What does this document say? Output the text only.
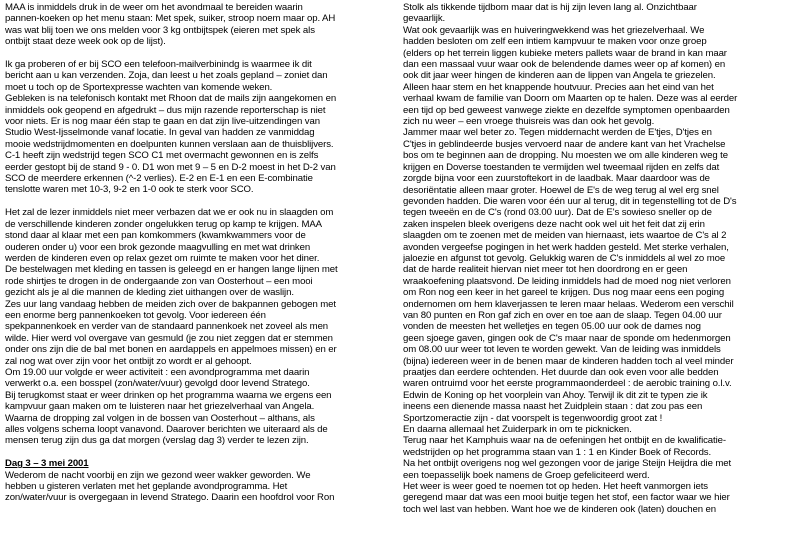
MAA is inmiddels druk in de weer om het avondmaal te bereiden waarin
pannen-koeken op het menu staan: Met spek, suiker, stroop noem maar op. AH
was wat blij toen we ons melden voor 3 kg ontbijtspek (eieren met spek als
ontbijt staat deze week ook op de lijst).
Ik ga proberen of er bij SCO een telefoon-mailverbinindg is waarmee ik dit
bericht aan u kan verzenden. Zoja, dan leest u het zoals gepland – zoniet dan
moet u toch op de Sportexpresse wachten van komende weken.
Gebleken is na telefonisch kontakt met Rhoon dat de mails zijn aangekomen en
inmiddels ook geopend en afgedrukt – dus mijn razende reporterschap is niet
voor niets. Er is nog maar één stap te gaan en dat zijn live-uitzendingen van
Studio West-Ijsselmonde vanaf locatie. In geval van hadden ze vanmiddag
mooie wedstrijdmomenten en doelpunten kunnen verslaan aan de thuisblijvers.
C-1 heeft zijn wedstrijd tegen SCO C1 met overmacht gewonnen en is zelfs
eerder gestopt bij de stand 9 - 0. D1 won met 9 – 5 en D-2 moest in het D-2 van
SCO de meerdere erkennen (^-2 verlies). E-2 en E-1 en een E-combinatie
tenslotte waren met 10-3, 9-2 en 1-0 ook te sterk voor SCO.
Het zal de lezer inmiddels niet meer verbazen dat we er ook nu in slaagden om
de verschillende kinderen zonder ongelukken terug op kamp te krijgen. MAA
stond daar al klaar met een pan komkommers (kwamkwammers voor de
ouderen onder u) voor een brok gezonde maagvulling en met wat drinken
werden de kinderen even op relax gezet om ruimte te maken voor het diner.
De bestelwagen met kleding en tassen is geleegd en er hangen lange lijnen met
rode shirtjes te drogen in de ondergaande zon van Oosterhout – een mooi
gezicht als je al die mannen de kleding ziet uithangen over de waslijn.
Zes uur lang vandaag hebben de meiden zich over de bakpannen gebogen met
een enorme berg pannenkoeken tot gevolg. Voor iedereen één
spekpannenkoek en verder van de standaard pannenkoek net zoveel als men
wilde. Hier werd vol overgave van gesmuld (je zou niet zeggen dat er stemmen
onder ons zijn die de bal met bonen en aardappels en appelmoes missen) en er
zal nog wat over zijn voor het ontbijt zo wordt er al gehoopt.
Om 19.00 uur volgde er weer activiteit : een avondprogramma met daarin
verwerkt o.a. een bosspel (zon/water/vuur) gevolgd door levend Stratego.
Bij terugkomst staat er weer drinken op het programma waarna we ergens een
kampvuur gaan maken om te luisteren naar het griezelverhaal van Angela.
Waarna de dropping zal volgen in de bossen van Oosterhout – althans, als
alles volgens schema loopt vanavond. Daarover berichten we uiteraard als de
mensen terug zijn dus ga dat morgen (verslag dag 3) verder te lezen zijn.
Dag 3 – 3 mei 2001
Wederom de nacht voorbij en zijn we gezond weer wakker geworden. We
hebben u gisteren verlaten met het geplande avondprogramma. Het
zon/water/vuur is overgegaan in levend Stratego. Daarin een hoofdrol voor Ron
Stolk als tikkende tijdbom maar dat is hij zijn leven lang al. Onzichtbaar
gevaarlijk.
Wat ook gevaarlijk was en huiveringwekkend was het griezelverhaal. We
hadden besloten om zelf een intiem kampvuur te maken voor onze groep
(elders op het terrein liggen kubieke meters pallets waar de brand in kan maar
dan een massaal vuur waar ook de belendende dames weer op af komen) en
ook dit jaar weer hingen de kinderen aan de lippen van Angela te griezelen.
Alleen haar stem en het knappende houtvuur. Precies aan het eind van het
verhaal kwam de familie van Doorn om Maarten op te halen. Deze was al eerder
een tijd op bed geweest vanwege ziekte en dezelfde symptomen openbaarden
zich nu weer – een vroege thuisreis was dan ook het gevolg.
Jammer maar wel beter zo. Tegen middernacht werden de E'tjes, D'tjes en
C'tjes in geblindeerde busjes vervoerd naar de andere kant van het Vrachelse
bos om te beginnen aan de dropping. Nu moesten we om alle kinderen weg te
krijgen en Doverse toestanden te vermijden wel tweemaal rijden en zelfs dat
zorgde bijna voor een zuurstoftekort in de laadbak. Maar daardoor was de
desoriëntatie alleen maar groter. Hoewel de E's de weg terug al wel erg snel
gevonden hadden. Die waren voor één uur al terug, dit in tegenstelling tot de D's
tegen tweeën en de C's (rond 03.00 uur). Dat de E's sowieso sneller op de
zaken inspelen bleek overigens deze nacht ook wel uit het feit dat zij erin
slaagden om te zoenen met de meiden van hiernaast, iets waartoe de C's al 2
avonden vergeefse pogingen in het werk hadden gesteld. Met sterke verhalen,
jaloezie en afgunst tot gevolg. Gelukkig waren de C's inmiddels al wel zo moe
dat de harde realiteit hiervan niet meer tot hen doordrong en er geen
wraakoefening plaatsvond. De leiding inmiddels had de moed nog niet verloren
om Ron nog een keer in het gareel te krijgen. Dus nog maar eens een poging
ondernomen om hem klaverjassen te leren maar helaas. Wederom een verschil
van 80 punten en Ron gaf zich en over en toe aan de slaap. Tegen 04.00 uur
vonden de meesten het welletjes en tegen 05.00 uur ook de dames nog
geen sjoege gaven, gingen ook de C's maar naar de sponde om hedenmorgen
om 08.00 uur weer tot leven te worden gewekt. Van de leiding was inmiddels
(bijna) iedereen weer in de benen maar de kinderen hadden toch al veel minder
praatjes dan eerdere ochtenden. Het duurde dan ook even voor alle bedden
waren ontruimd voor het eerste programmaonderdeel : de aerobic training o.l.v.
Edwin de Koning op het voorplein van Ahoy. Terwijl ik dit zit te typen zie ik
ineens een dienende massa naast het Zuidplein staan : dat zou pas een
Sportzomeractie zijn - dat voorspelt is tegenwoordig groot zat !
En daarna allemaal het Zuiderpark in om te picknicken.
Terug naar het Kamphuis waar na de oefeningen het ontbijt en de kwalificatie-
wedstrijden op het programma staan van 1 : 1 en Kinder Boek of Records.
Na het ontbijt overigens nog wel gezongen voor de jarige Steijn Heijdra die met
een toepasselijk boek namens de Groep gefeliciteerd werd.
Het weer is weer goed te noemen tot op heden. Het heeft vanmorgen iets
geregend maar dat was een mooi buitje tegen het stof, een factor waar we hier
toch wel last van hebben. Want hoe we de kinderen ook (laten) douchen en
